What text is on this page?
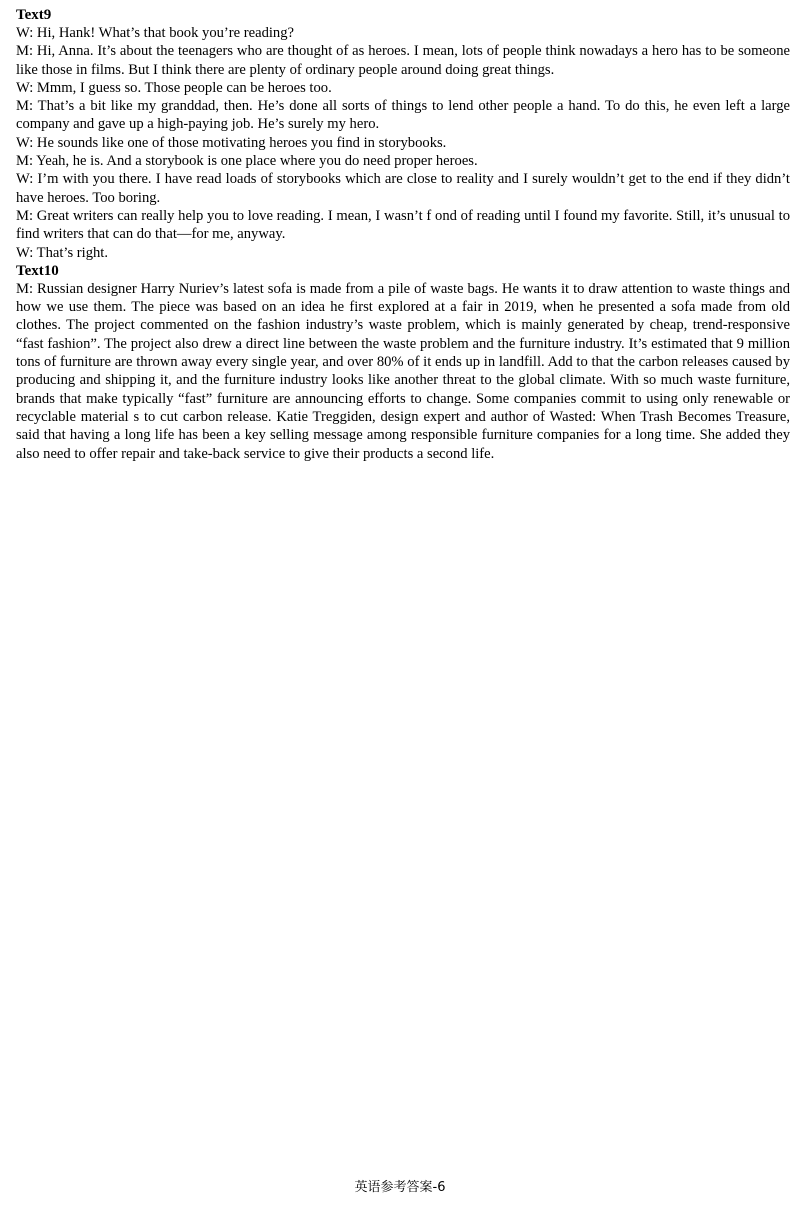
Text9

W: Hi, Hank! What’s that book you’re reading?

M: Hi, Anna. It’s about the teenagers who are thought of as heroes. I mean, lots of people think nowadays a hero has to be someone like those in films. But I think there are plenty of ordinary people around doing great things.

W: Mmm, I guess so. Those people can be heroes too.

M: That’s a bit like my granddad, then. He’s done all sorts of things to lend other people a hand. To do this, he even left a large company and gave up a high-paying job. He’s surely my hero.

W: He sounds like one of those motivating heroes you find in storybooks.

M: Yeah, he is. And a storybook is one place where you do need proper heroes.

W: I’m with you there. I have read loads of storybooks which are close to reality and I surely wouldn’t get to the end if they didn’t have heroes. Too boring.

M: Great writers can really help you to love reading. I mean, I wasn’t f ond of reading until I found my favorite. Still, it’s unusual to find writers that can do that—for me, anyway.

W: That’s right.

Text10

M: Russian designer Harry Nuriev’s latest sofa is made from a pile of waste bags. He wants it to draw attention to waste things and how we use them. The piece was based on an idea he first explored at a fair in 2019, when he presented a sofa made from old clothes. The project commented on the fashion industry’s waste problem, which is mainly generated by cheap, trend-responsive “fast fashion”. The project also drew a direct line between the waste problem and the furniture industry. It’s estimated that 9 million tons of furniture are thrown away every single year, and over 80% of it ends up in landfill. Add to that the carbon releases caused by producing and shipping it, and the furniture industry looks like another threat to the global climate. With so much waste furniture, brands that make typically “fast” furniture are announcing efforts to change. Some companies commit to using only renewable or recyclable material s to cut carbon release. Katie Treggiden, design expert and author of Wasted: When Trash Becomes Treasure, said that having a long life has been a key selling message among responsible furniture companies for a long time. She added they also need to offer repair and take-back service to give their products a second life.

英语参考答案-6
